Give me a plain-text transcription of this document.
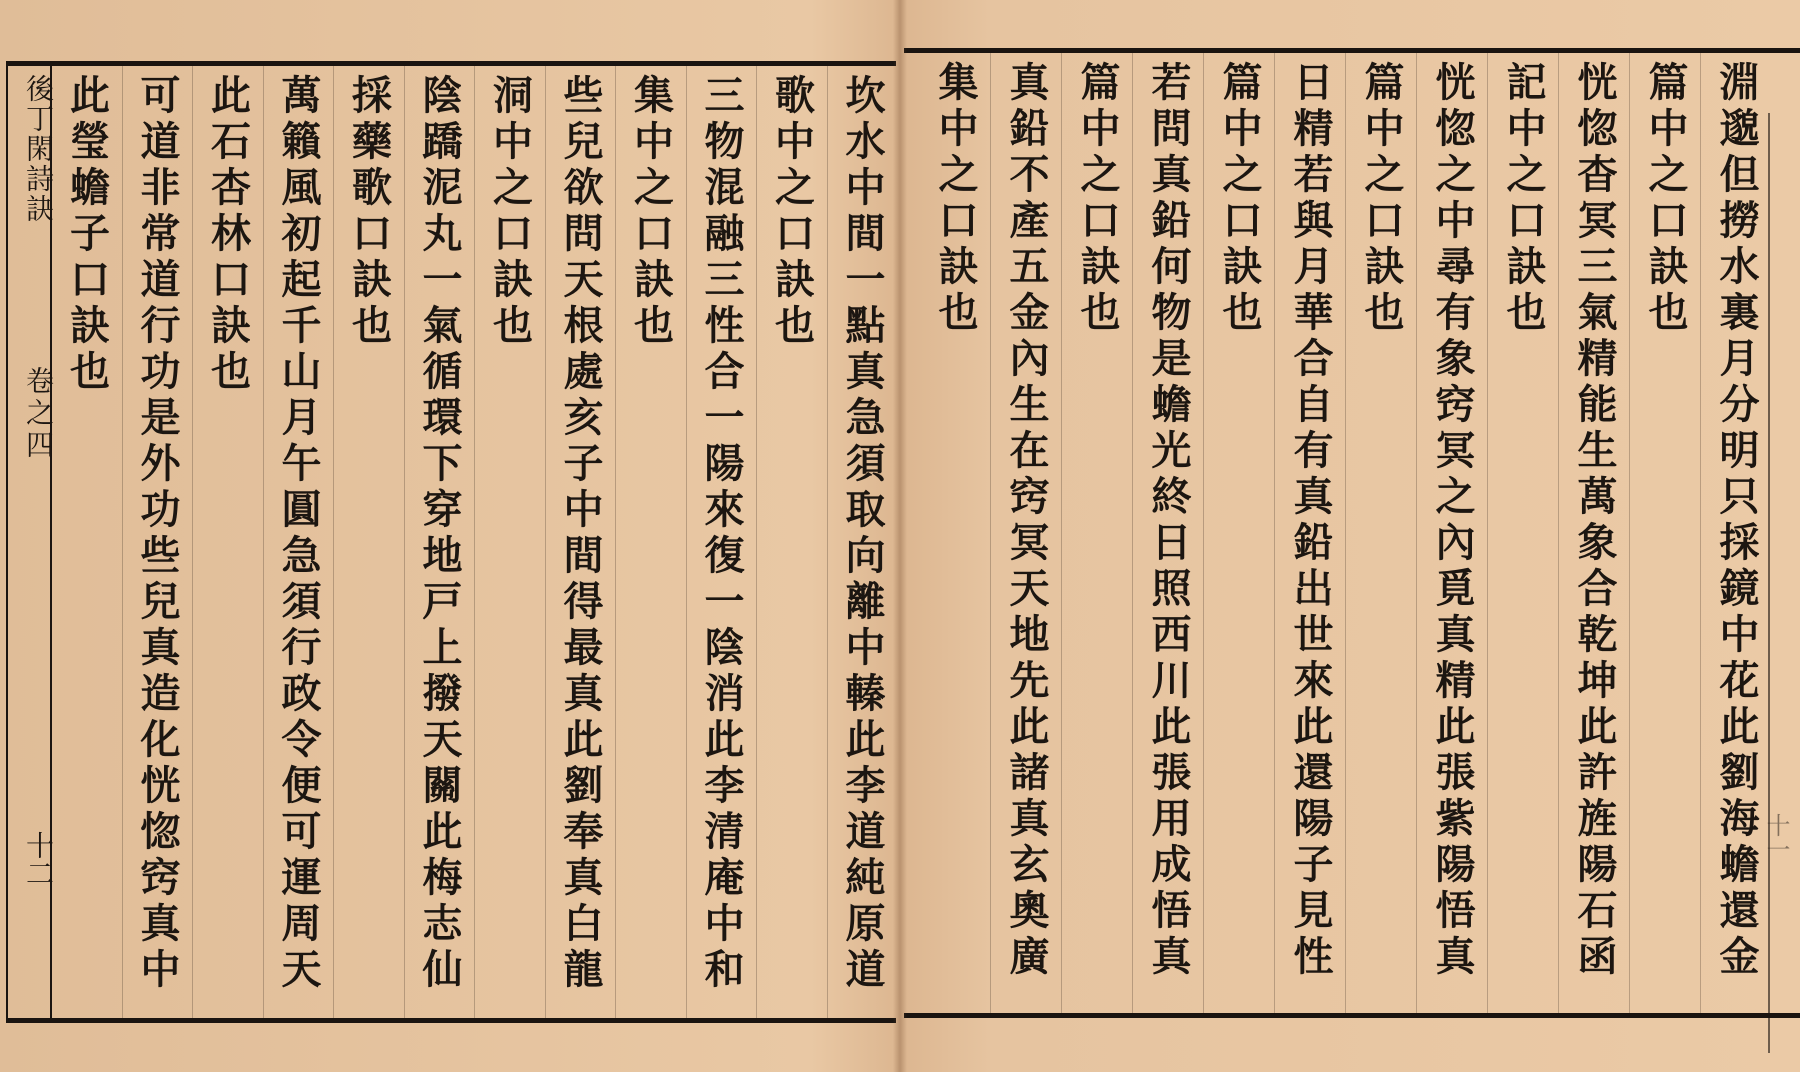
後丁閑詩訣
卷之四
十二	坎水中間一點真急須取向離中轃此李道純原道
歌中之口訣也
三物混融三性合一陽來復一陰消此李清庵中和
集中之口訣也
些兒欲問天根處亥子中間得最真此劉奉真白龍
洞中之口訣也
陰蹻泥丸一氣循環下穿地戸上撥天關此梅志仙
採藥歌口訣也
萬籟風初起千山月午圓急須行政令便可運周天
此石杏林口訣也
可道非常道行功是外功些兒真造化恍惚窍真中
此瑩蟾子口訣也	淵邈但撈水裏月分明只採鏡中花此劉海蟾還金
篇中之口訣也
恍惚杳冥三氣精能生萬象合乾坤此許旌陽石函
記中之口訣也
恍惚之中尋有象窍冥之內覓真精此張紫陽悟真
篇中之口訣也
日精若與月華合自有真鉛出世來此還陽子見性
篇中之口訣也
若問真鉛何物是蟾光終日照西川此張用成悟真
篇中之口訣也
真鉛不產五金內生在窍冥天地先此諸真玄奧廣
集中之口訣也
十一
